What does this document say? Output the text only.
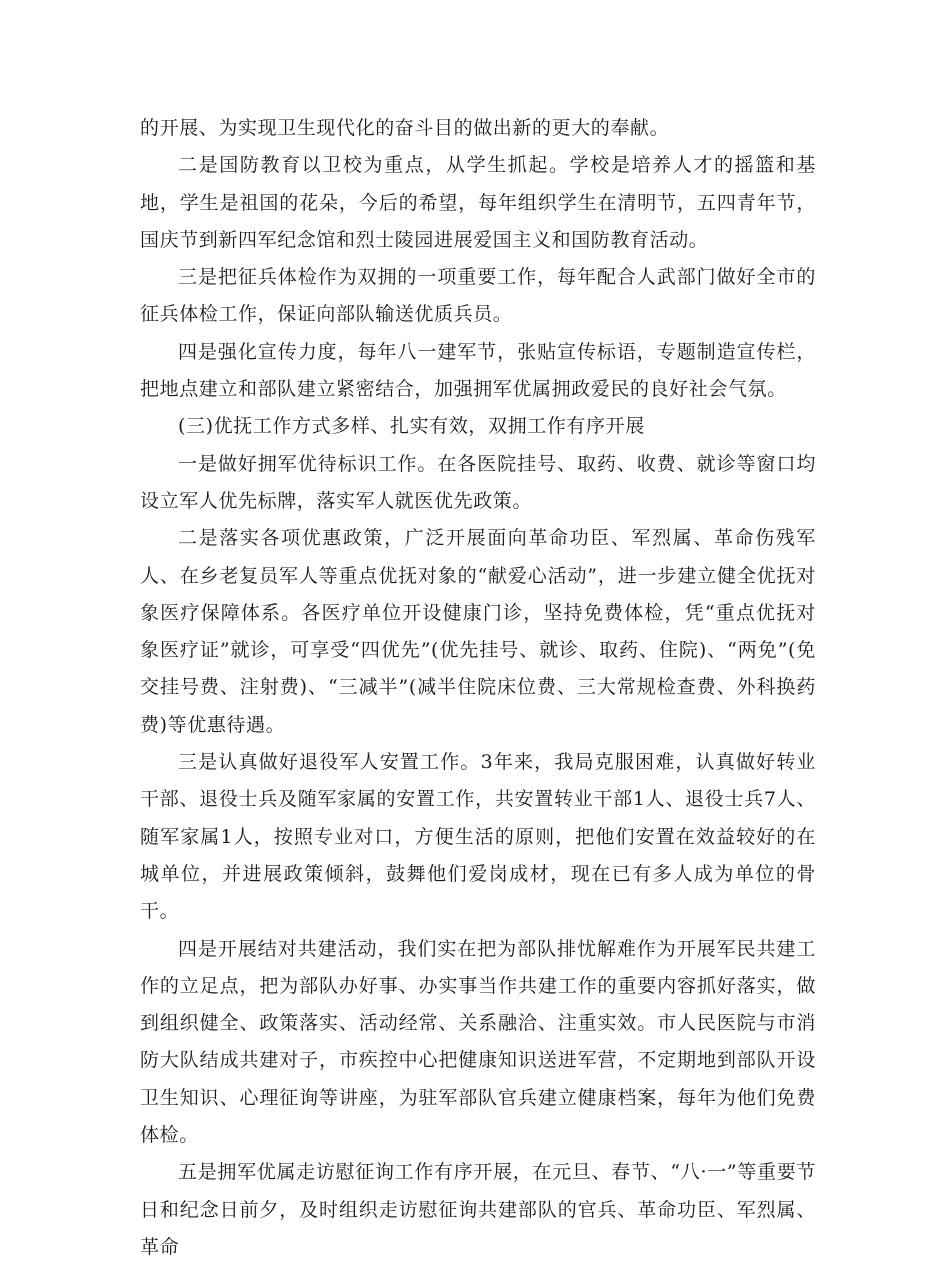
的开展、为实现卫生现代化的奋斗目的做出新的更大的奉献。

二是国防教育以卫校为重点，从学生抓起。学校是培养人才的摇篮和基地，学生是祖国的花朵，今后的希望，每年组织学生在清明节，五四青年节，国庆节到新四军纪念馆和烈士陵园进展爱国主义和国防教育活动。

三是把征兵体检作为双拥的一项重要工作，每年配合人武部门做好全市的征兵体检工作，保证向部队输送优质兵员。

四是强化宣传力度，每年八一建军节，张贴宣传标语，专题制造宣传栏，把地点建立和部队建立紧密结合，加强拥军优属拥政爱民的良好社会气氛。

(三)优抚工作方式多样、扎实有效，双拥工作有序开展

一是做好拥军优待标识工作。在各医院挂号、取药、收费、就诊等窗口均设立军人优先标牌，落实军人就医优先政策。

二是落实各项优惠政策，广泛开展面向革命功臣、军烈属、革命伤残军人、在乡老复员军人等重点优抚对象的“献爱心活动”，进一步建立健全优抚对象医疗保障体系。各医疗单位开设健康门诊，坚持免费体检，凭“重点优抚对象医疗证”就诊，可享受“四优先”(优先挂号、就诊、取药、住院)、“两免”(免交挂号费、注射费)、“三减半”(减半住院床位费、三大常规检查费、外科换药费)等优惠待遇。

三是认真做好退役军人安置工作。3年来，我局克服困难，认真做好转业干部、退役士兵及随军家属的安置工作，共安置转业干部1人、退役士兵7人、随军家属1人，按照专业对口，方便生活的原则，把他们安置在效益较好的在城单位，并进展政策倾斜，鼓舞他们爱岗成材，现在已有多人成为单位的骨干。

四是开展结对共建活动，我们实在把为部队排忧解难作为开展军民共建工作的立足点，把为部队办好事、办实事当作共建工作的重要内容抓好落实，做到组织健全、政策落实、活动经常、关系融洽、注重实效。市人民医院与市消防大队结成共建对子，市疾控中心把健康知识送进军营，不定期地到部队开设卫生知识、心理征询等讲座，为驻军部队官兵建立健康档案，每年为他们免费体检。

五是拥军优属走访慰征询工作有序开展，在元旦、春节、“八·一”等重要节日和纪念日前夕，及时组织走访慰征询共建部队的官兵、革命功臣、军烈属、革命
